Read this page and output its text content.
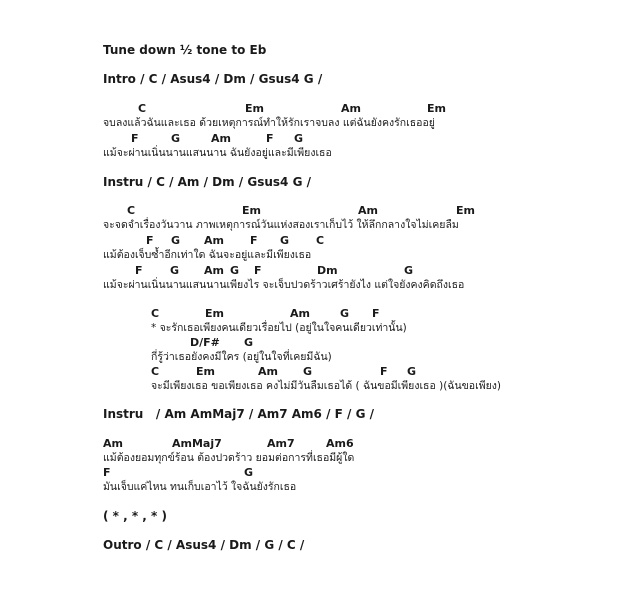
Tune down ½ tone to Eb
Intro / C / Asus4 / Dm / Gsus4 G /
C	Em	Am	Em
จบลงแล้วฉันและเธอ ด้วยเหตุการณ์ทำให้รักเราจบลง แต่ฉันยังคงรักเธออยู่
F	G	Am	F G
แม้จะผ่านเนิ่นนานแสนนาน ฉันยังอยู่และมีเพียงเธอ
Instru / C / Am / Dm / Gsus4 G /
C	Em	Am	Em
จะจดจำเรื่องวันวาน ภาพเหตุการณ์วันแห่งสองเราเก็บไว้ ให้ลึกกลางใจไม่เคยลืม
F G Am F G C
แม้ต้องเจ็บซ้ำอีกเท่าใด ฉันจะอยู่และมีเพียงเธอ
F G Am G F	Dm	G
แม้จะผ่านเนิ่นนานแสนนานเพียงไร จะเจ็บปวดร้าวเศร้ายังไง แต่ใจยังคงคิดถึงเธอ
C	Em	Am	G F
* จะรักเธอเพียงคนเดียวเรื่อยไป (อยู่ในใจคนเดียวเท่านั้น)
D/F# G
กี่รู้ว่าเธอยังคงมีใคร (อยู่ในใจที่เคยมีฉัน)
C	Em	Am G	F G
จะมีเพียงเธอ ขอเพียงเธอ คงไม่มีวันลืมเธอได้ ( ฉันขอมีเพียงเธอ )(ฉันขอเพียง)
Instru   / Am AmMaj7 / Am7 Am6 / F / G /
Am	AmMaj7	Am7	Am6
แม้ต้องยอมทุกข์ร้อน ต้องปวดร้าว ยอมต่อการที่เธอมีผู้ใด
F	G
มันเจ็บแค่ไหน ทนเก็บเอาไว้ ใจฉันยังรักเธอ
( * , * , * )
Outro / C / Asus4 / Dm / G / C /
